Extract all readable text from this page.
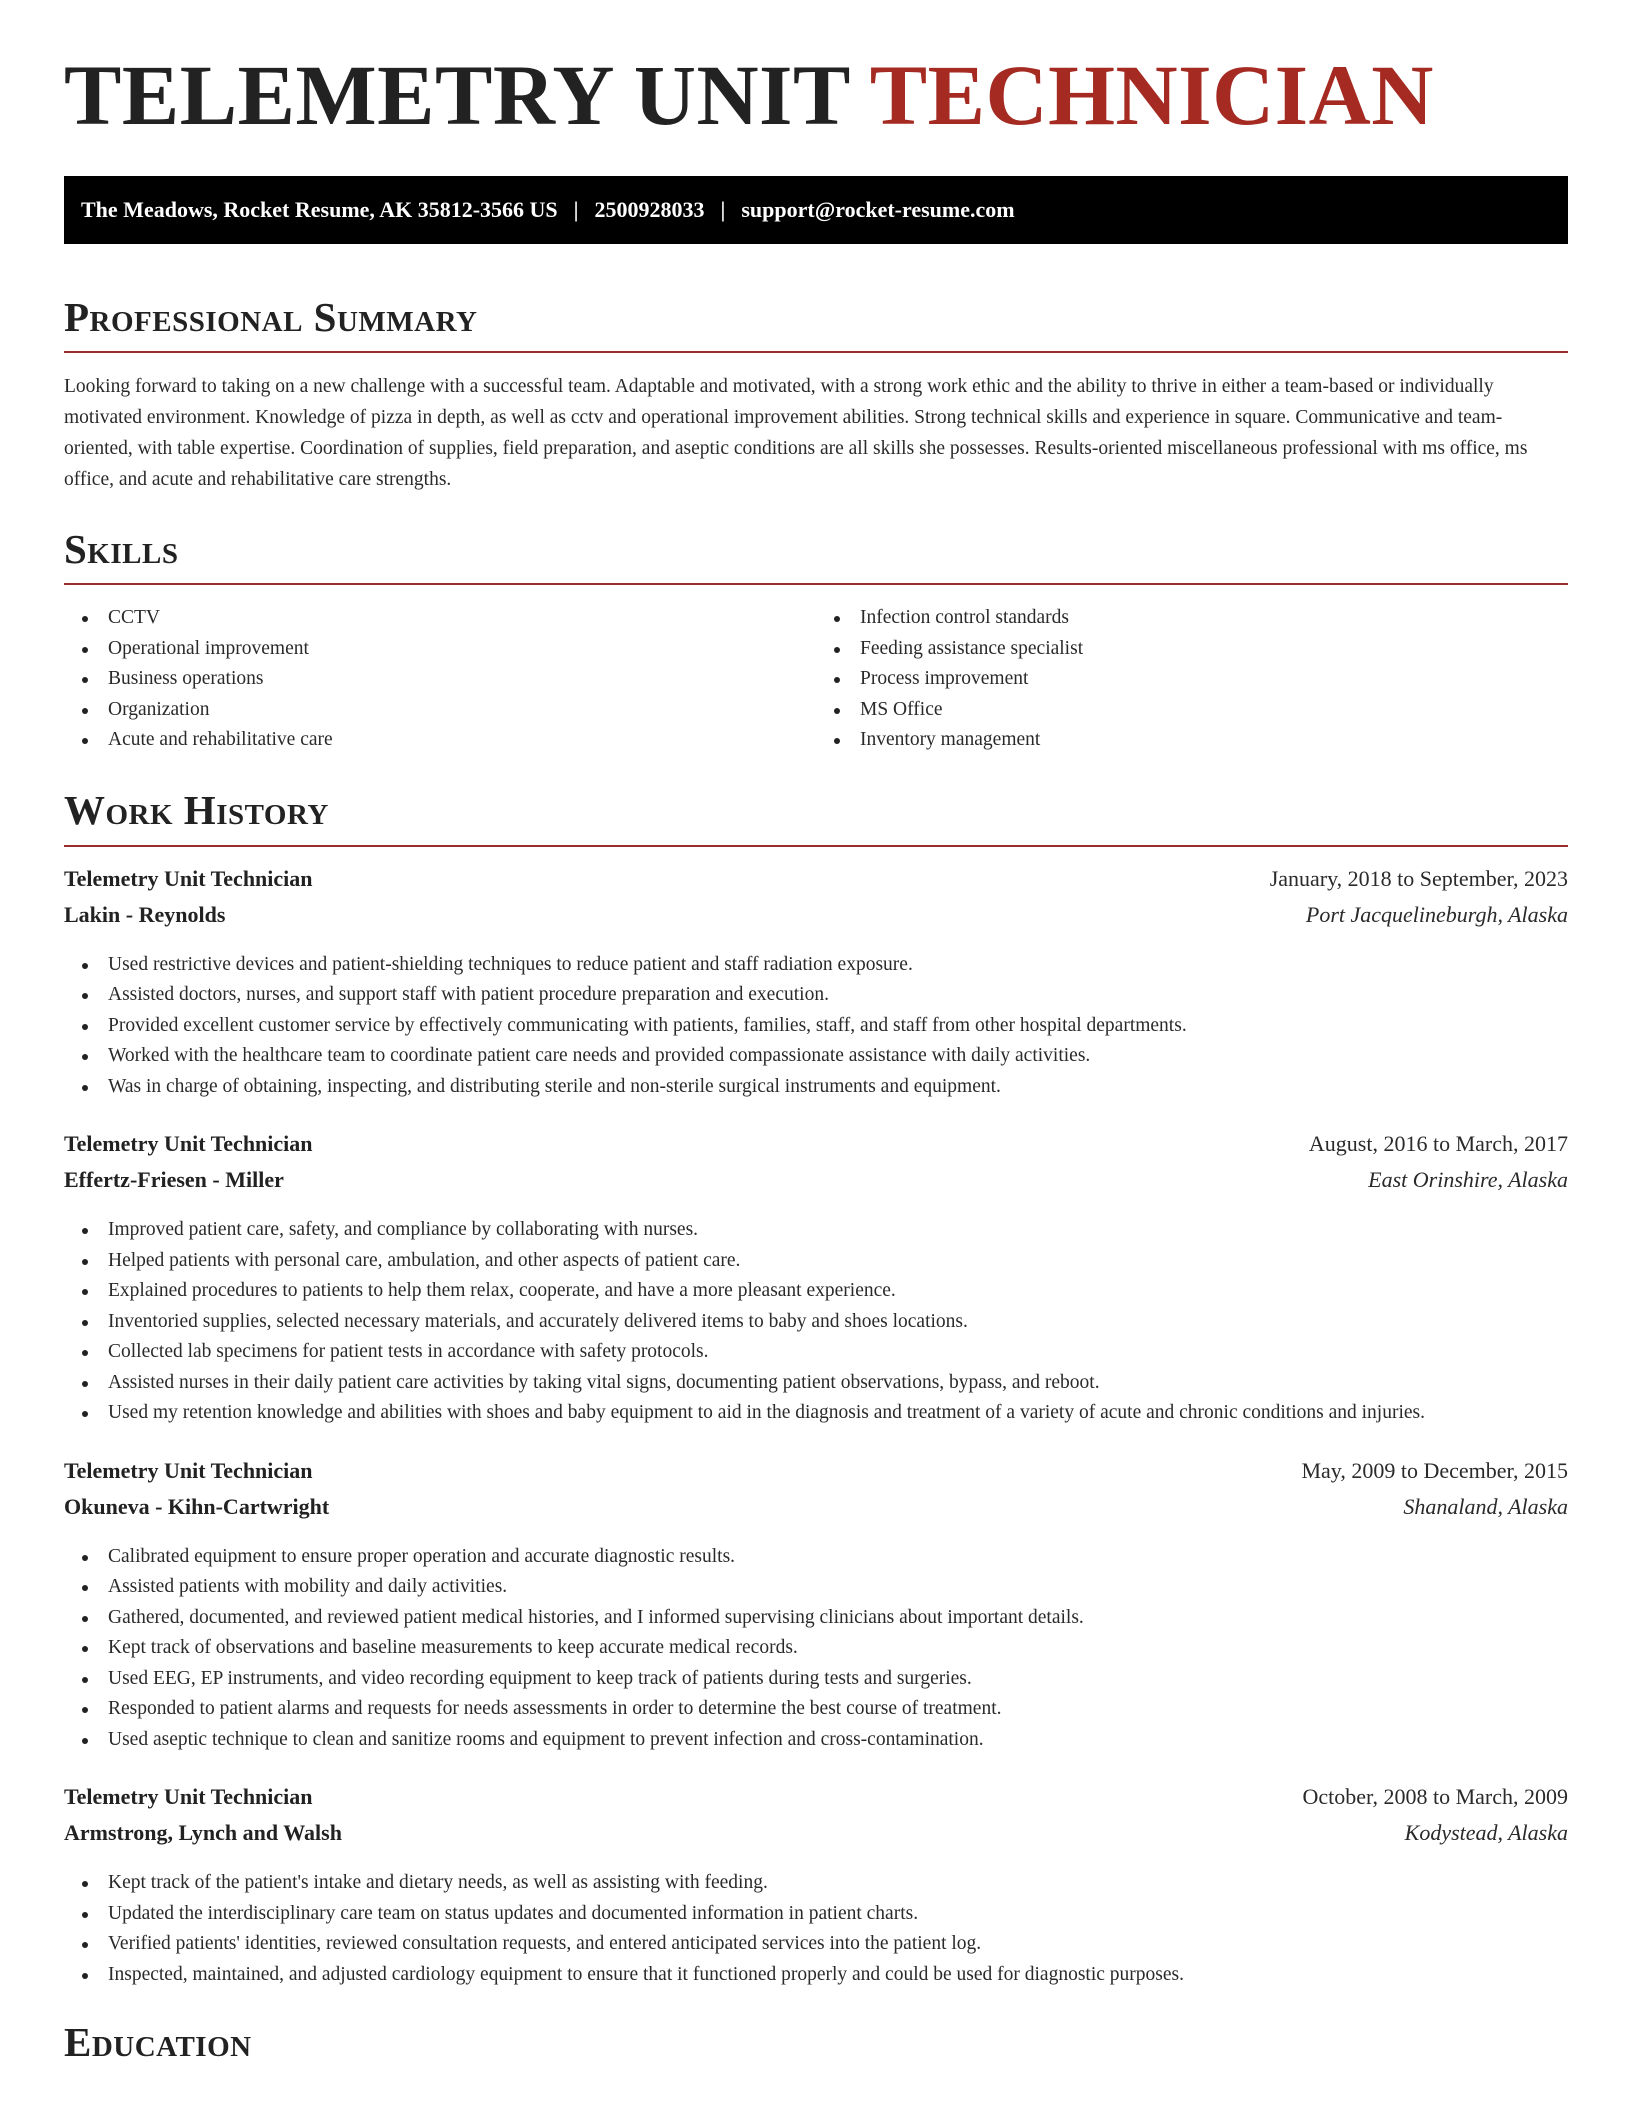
TELEMETRY UNIT TECHNICIAN
The Meadows, Rocket Resume, AK 35812-3566 US | 2500928033 | support@rocket-resume.com
Professional Summary

Looking forward to taking on a new challenge with a successful team. Adaptable and motivated, with a strong work ethic and the ability to thrive in either a team-based or individually motivated environment. Knowledge of pizza in depth, as well as cctv and operational improvement abilities. Strong technical skills and experience in square. Communicative and team-oriented, with table expertise. Coordination of supplies, field preparation, and aseptic conditions are all skills she possesses. Results-oriented miscellaneous professional with ms office, ms office, and acute and rehabilitative care strengths.

Skills
CCTV
Operational improvement
Business operations
Organization
Acute and rehabilitative care
Infection control standards
Feeding assistance specialist
Process improvement
MS Office
Inventory management
Work History
Telemetry Unit Technician	January, 2018 to September, 2023
Lakin - Reynolds	Port Jacquelineburgh, Alaska
Used restrictive devices and patient-shielding techniques to reduce patient and staff radiation exposure.
Assisted doctors, nurses, and support staff with patient procedure preparation and execution.
Provided excellent customer service by effectively communicating with patients, families, staff, and staff from other hospital departments.
Worked with the healthcare team to coordinate patient care needs and provided compassionate assistance with daily activities.
Was in charge of obtaining, inspecting, and distributing sterile and non-sterile surgical instruments and equipment.
Telemetry Unit Technician	August, 2016 to March, 2017
Effertz-Friesen - Miller	East Orinshire, Alaska
Improved patient care, safety, and compliance by collaborating with nurses.
Helped patients with personal care, ambulation, and other aspects of patient care.
Explained procedures to patients to help them relax, cooperate, and have a more pleasant experience.
Inventoried supplies, selected necessary materials, and accurately delivered items to baby and shoes locations.
Collected lab specimens for patient tests in accordance with safety protocols.
Assisted nurses in their daily patient care activities by taking vital signs, documenting patient observations, bypass, and reboot.
Used my retention knowledge and abilities with shoes and baby equipment to aid in the diagnosis and treatment of a variety of acute and chronic conditions and injuries.
Telemetry Unit Technician	May, 2009 to December, 2015
Okuneva - Kihn-Cartwright	Shanaland, Alaska
Calibrated equipment to ensure proper operation and accurate diagnostic results.
Assisted patients with mobility and daily activities.
Gathered, documented, and reviewed patient medical histories, and I informed supervising clinicians about important details.
Kept track of observations and baseline measurements to keep accurate medical records.
Used EEG, EP instruments, and video recording equipment to keep track of patients during tests and surgeries.
Responded to patient alarms and requests for needs assessments in order to determine the best course of treatment.
Used aseptic technique to clean and sanitize rooms and equipment to prevent infection and cross-contamination.
Telemetry Unit Technician	October, 2008 to March, 2009
Armstrong, Lynch and Walsh	Kodystead, Alaska
Kept track of the patient's intake and dietary needs, as well as assisting with feeding.
Updated the interdisciplinary care team on status updates and documented information in patient charts.
Verified patients' identities, reviewed consultation requests, and entered anticipated services into the patient log.
Inspected, maintained, and adjusted cardiology equipment to ensure that it functioned properly and could be used for diagnostic purposes.
Education
